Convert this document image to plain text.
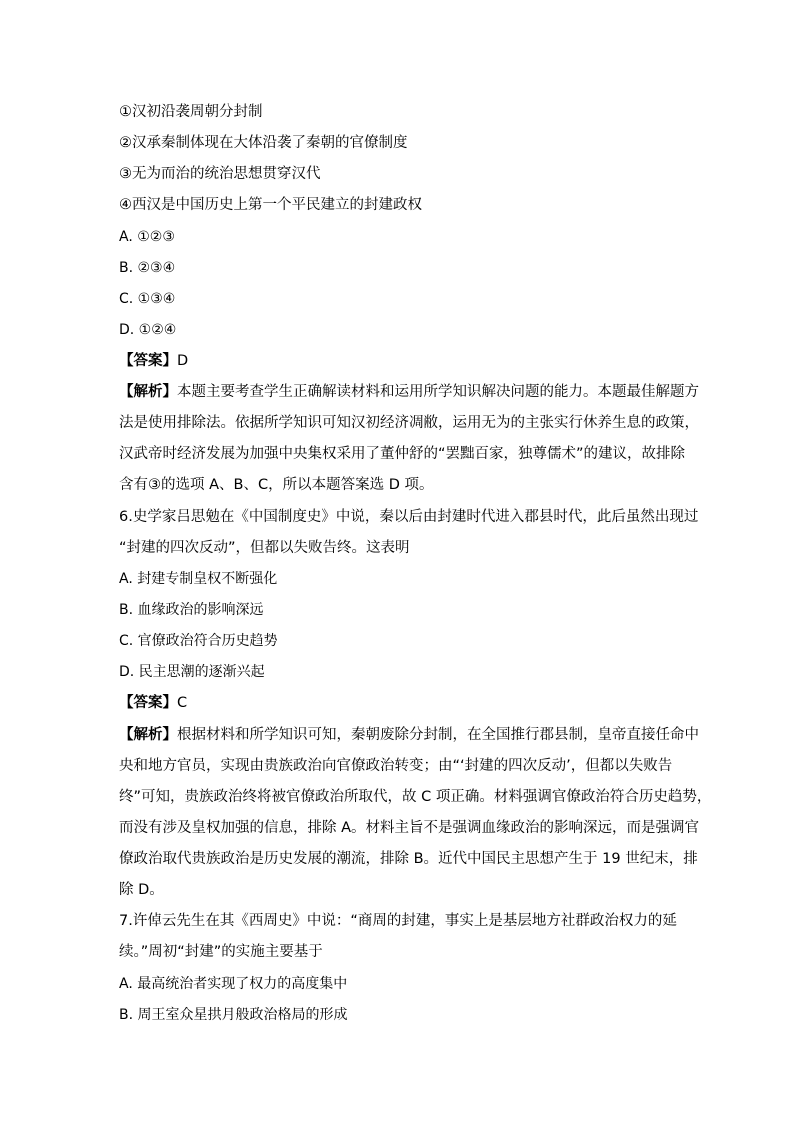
①汉初沿袭周朝分封制
②汉承秦制体现在大体沿袭了秦朝的官僚制度
③无为而治的统治思想贯穿汉代
④西汉是中国历史上第一个平民建立的封建政权
A. ①②③
B. ②③④
C. ①③④
D. ①②④
【答案】D
【解析】本题主要考查学生正确解读材料和运用所学知识解决问题的能力。本题最佳解题方
法是使用排除法。依据所学知识可知汉初经济凋敝，运用无为的主张实行休养生息的政策，
汉武帝时经济发展为加强中央集权采用了董仲舒的“罢黜百家，独尊儒术”的建议，故排除
含有③的选项 A、B、C，所以本题答案选 D 项。
6.史学家吕思勉在《中国制度史》中说，秦以后由封建时代进入郡县时代，此后虽然出现过
“封建的四次反动”，但都以失败告终。这表明
A. 封建专制皇权不断强化
B. 血缘政治的影响深远
C. 官僚政治符合历史趋势
D. 民主思潮的逐渐兴起
【答案】C
【解析】根据材料和所学知识可知，秦朝废除分封制，在全国推行郡县制，皇帝直接任命中
央和地方官员，实现由贵族政治向官僚政治转变；由“‘封建的四次反动’，但都以失败告
终”可知，贵族政治终将被官僚政治所取代，故 C 项正确。材料强调官僚政治符合历史趋势，
而没有涉及皇权加强的信息，排除 A。材料主旨不是强调血缘政治的影响深远，而是强调官
僚政治取代贵族政治是历史发展的潮流，排除 B。近代中国民主思想产生于 19 世纪末，排
除 D。
7.许倬云先生在其《西周史》中说：“商周的封建，事实上是基层地方社群政治权力的延
续。”周初“封建”的实施主要基于
A. 最高统治者实现了权力的高度集中
B. 周王室众星拱月般政治格局的形成
